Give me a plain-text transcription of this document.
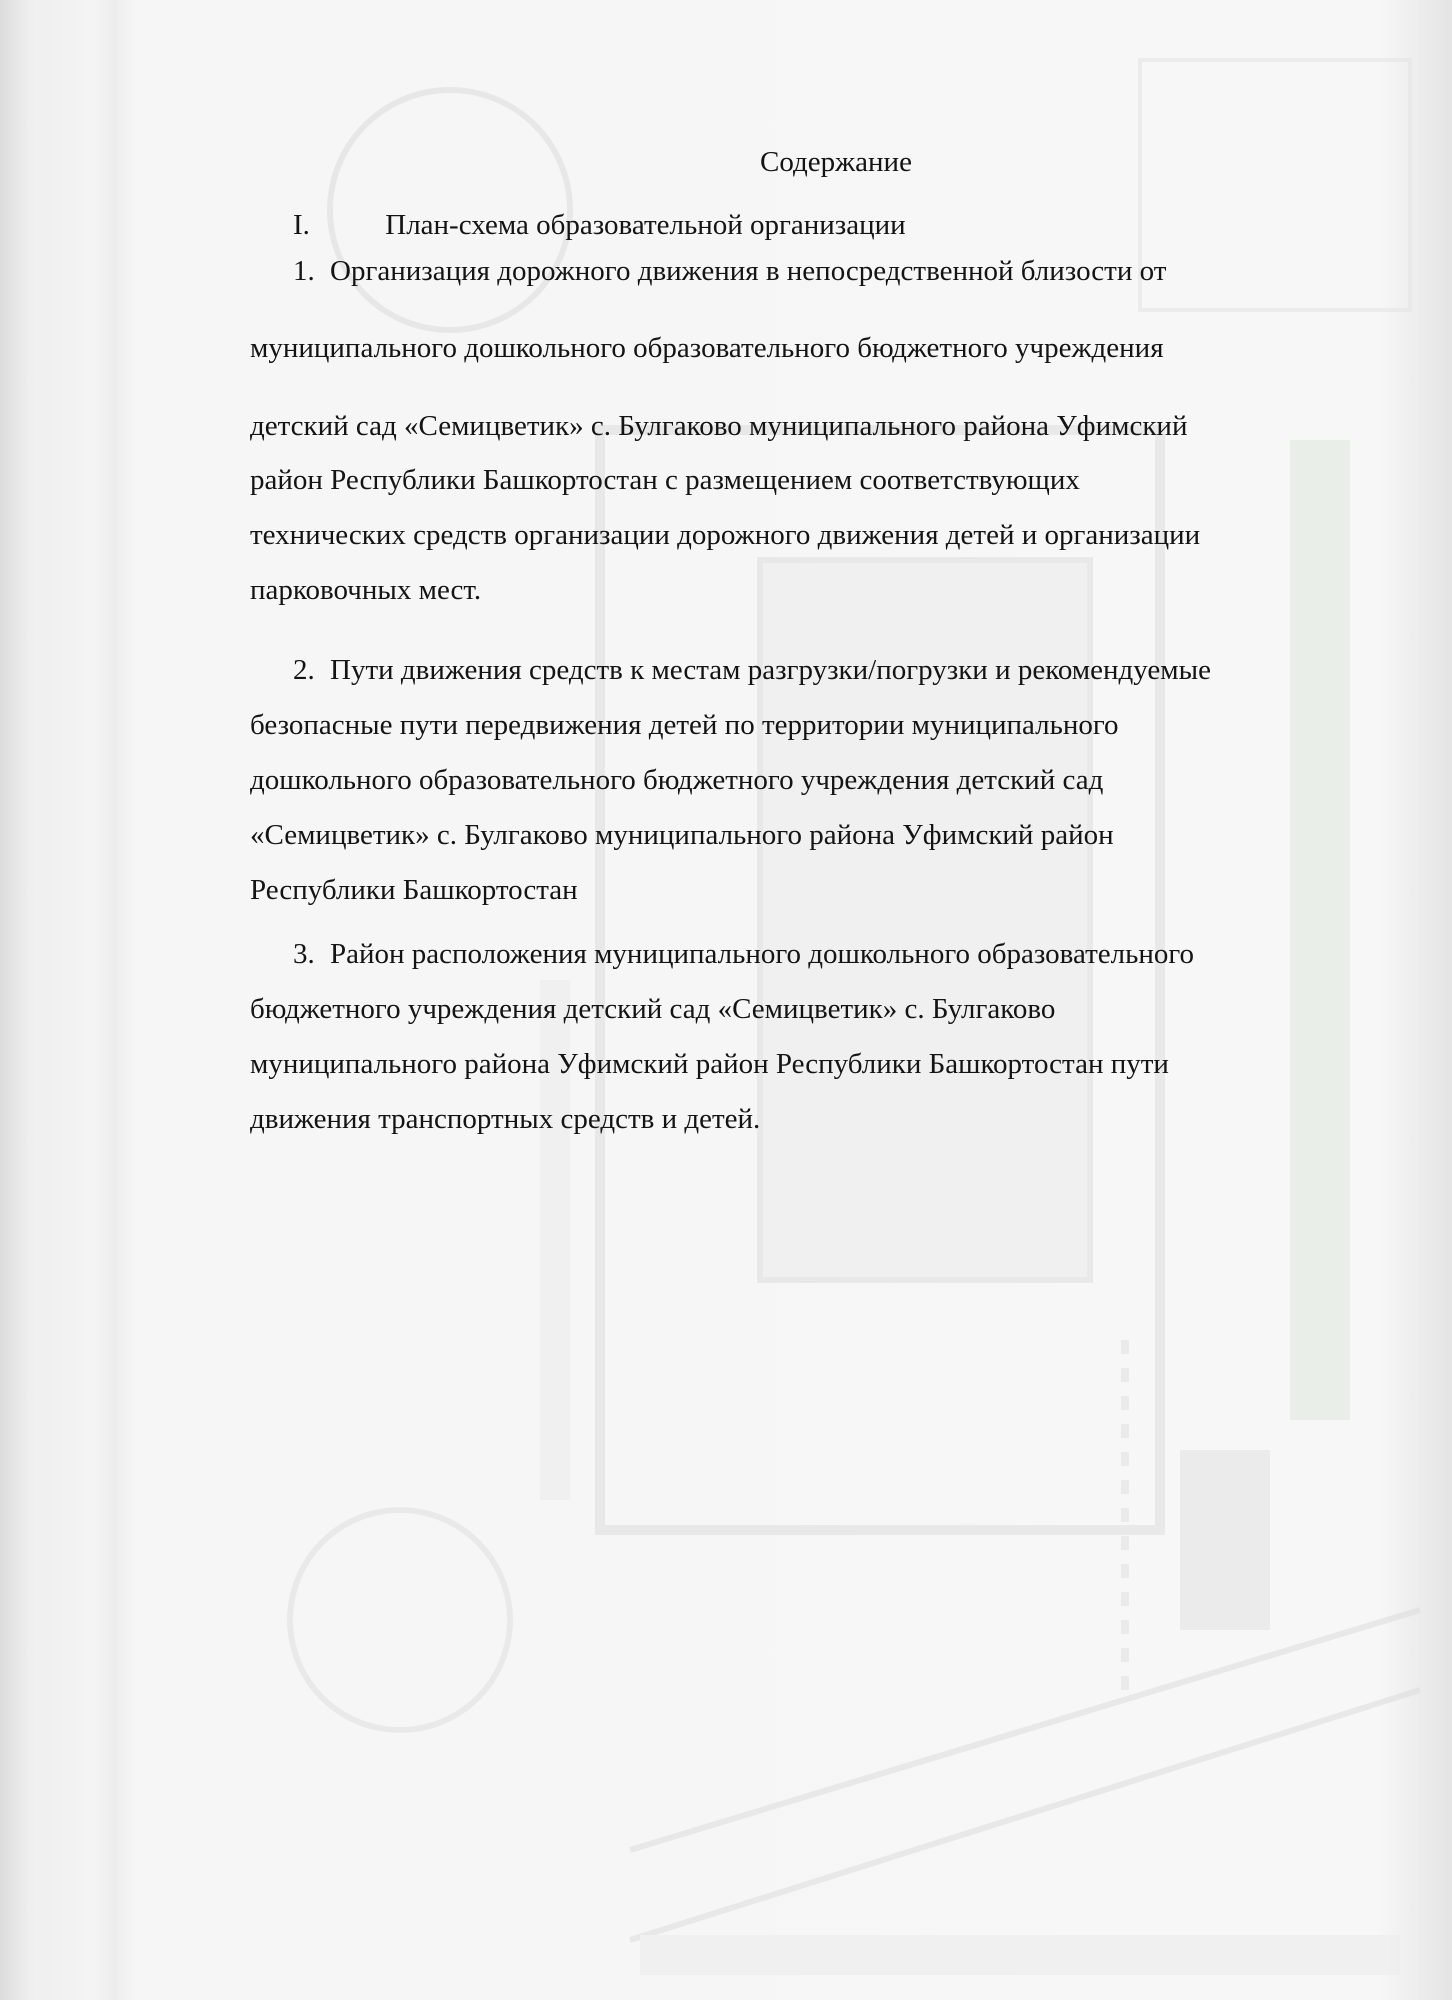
Содержание
I.	План-схема образовательной организации
1. Организация дорожного движения в непосредственной близости от
муниципального дошкольного образовательного бюджетного учреждения
детский сад «Семицветик» с. Булгаково муниципального района Уфимский
район Республики Башкортостан с размещением соответствующих
технических средств организации дорожного движения детей и организации
парковочных мест.
2. Пути движения средств к местам разгрузки/погрузки и рекомендуемые
безопасные пути передвижения детей по территории муниципального
дошкольного образовательного бюджетного учреждения детский сад
«Семицветик» с. Булгаково муниципального района Уфимский район
Республики Башкортостан
3. Район расположения муниципального дошкольного образовательного
бюджетного учреждения детский сад «Семицветик» с. Булгаково
муниципального района Уфимский район Республики Башкортостан пути
движения транспортных средств и детей.
